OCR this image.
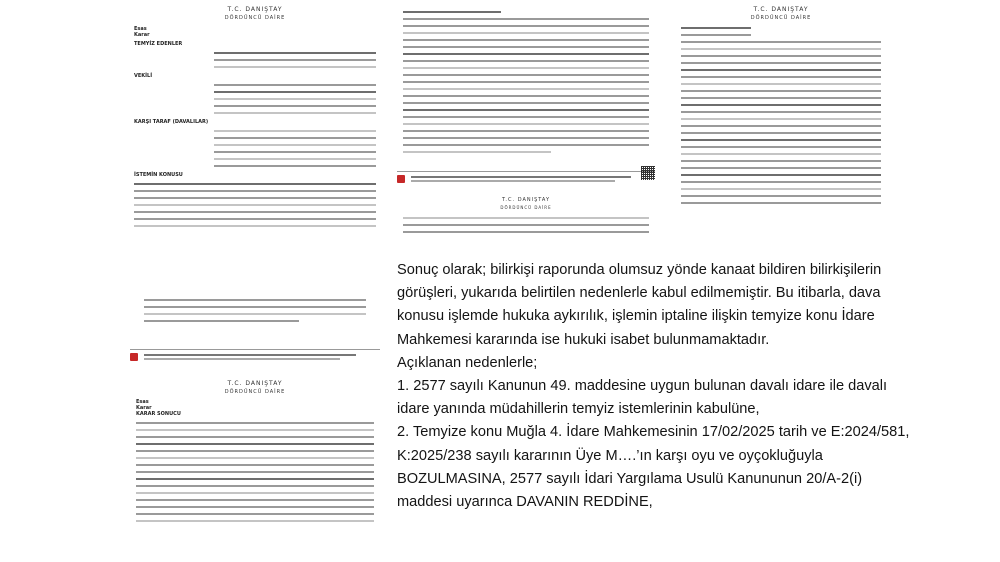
T.C. DANIŞTAY
DÖRDÜNCÜ DAİRE
Esas
Karar
TEMYİZ EDENLER
VEKİLİ
KARŞI TARAF (DAVALILAR)
İSTEMİN KONUSU
T.C. DANIŞTAY
DÖRDÜNCÜ DAİRE
T.C. DANIŞTAY
DÖRDÜNCÜ DAİRE
T.C. DANIŞTAY
DÖRDÜNCÜ DAİRE
Esas
Karar
KARAR SONUCU

Sonuç olarak; bilirkişi raporunda olumsuz yönde kanaat bildiren bilirkişilerin görüşleri, yukarıda belirtilen nedenlerle kabul edilmemiştir. Bu itibarla, dava konusu işlemde hukuka aykırılık, işlemin iptaline ilişkin temyize konu İdare Mahkemesi kararında ise hukuki isabet bulunmamaktadır.

Açıklanan nedenlerle;

1. 2577 sayılı Kanunun 49. maddesine uygun bulunan davalı idare ile davalı idare yanında müdahillerin temyiz istemlerinin kabulüne,

2. Temyize konu Muğla 4. İdare Mahkemesinin 17/02/2025 tarih ve E:2024/581, K:2025/238 sayılı kararının Üye M….’ın karşı oyu ve oyçokluğuyla BOZULMASINA, 2577 sayılı İdari Yargılama Usulü Kanununun 20/A-2(i) maddesi uyarınca DAVANIN REDDİNE,
